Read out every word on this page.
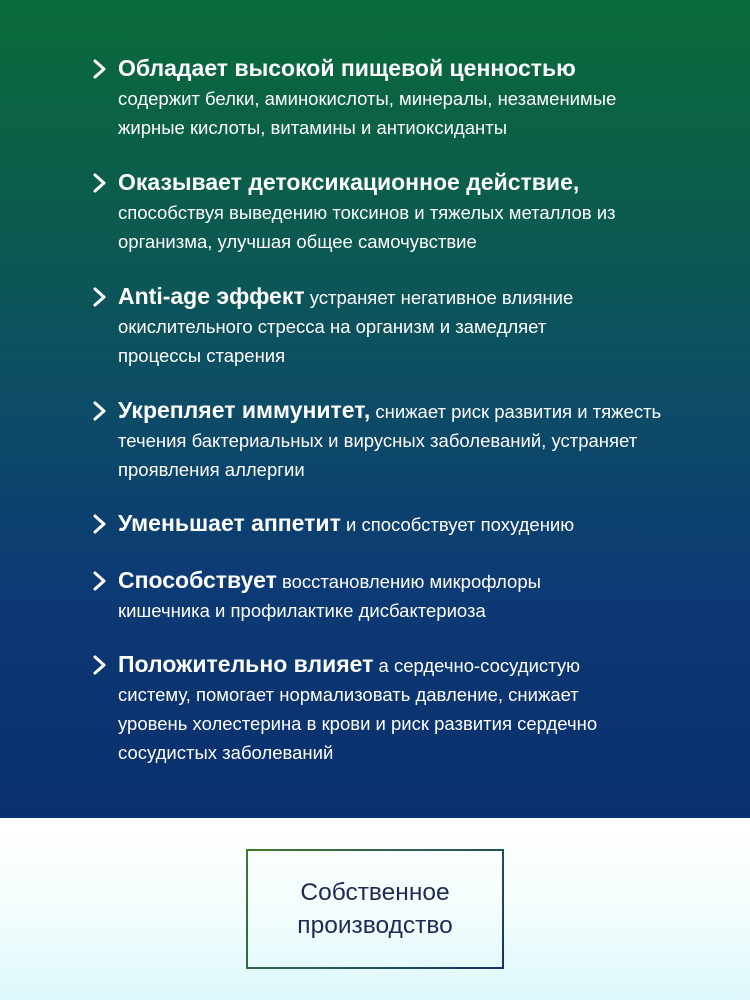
Обладает высокой пищевой ценностью содержит белки, аминокислоты, минералы, незаменимые жирные кислоты, витамины и антиоксиданты
Оказывает детоксикационное действие, способствуя выведению токсинов и тяжелых металлов из организма, улучшая общее самочувствие
Anti-age эффект устраняет негативное влияние окислительного стресса на организм и замедляет процессы старения
Укрепляет иммунитет, снижает риск развития и тяжесть течения бактериальных и вирусных заболеваний, устраняет проявления аллергии
Уменьшает аппетит и способствует похудению
Способствует восстановлению микрофлоры кишечника и профилактике дисбактериоза
Положительно влияет а сердечно-сосудистую систему, помогает нормализовать давление, снижает уровень холестерина в крови и риск развития сердечно сосудистых заболеваний
Собственное
производство
